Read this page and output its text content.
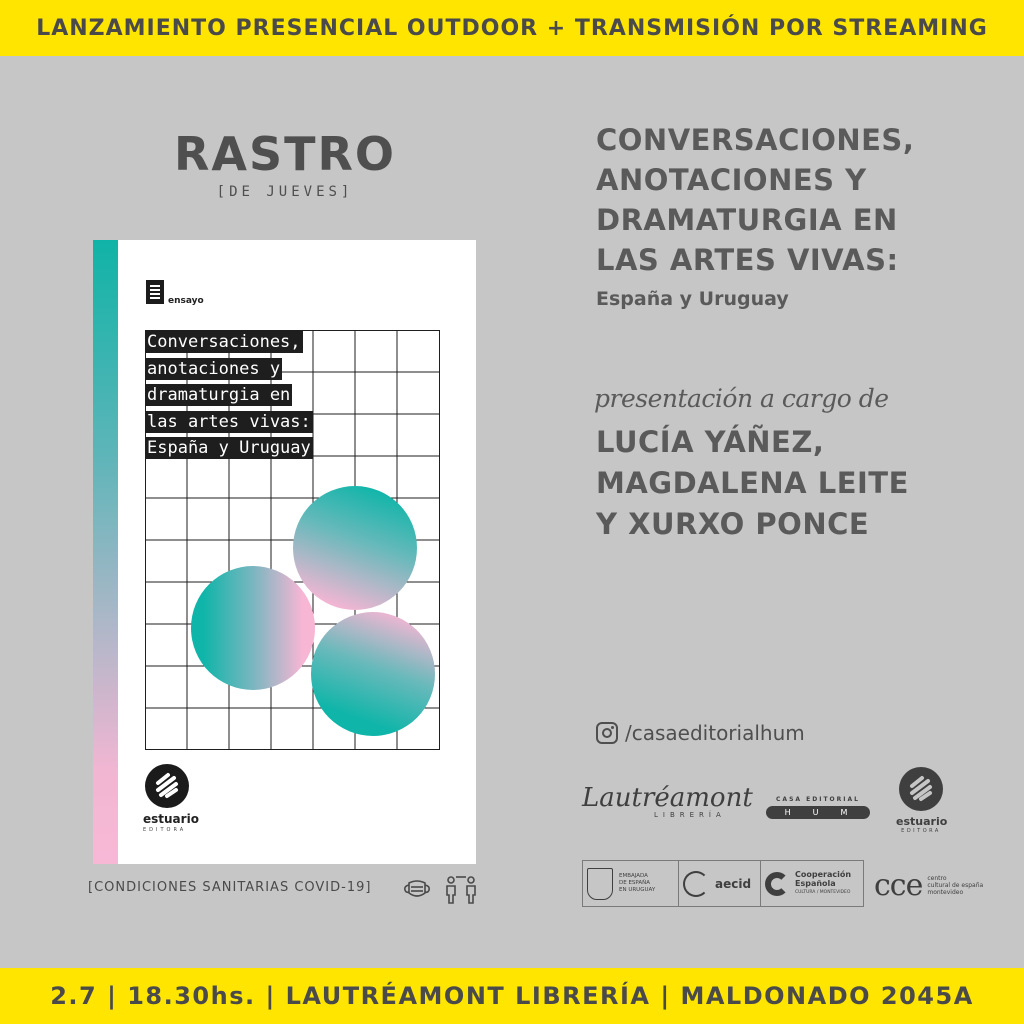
LANZAMIENTO PRESENCIAL OUTDOOR + TRANSMISIÓN POR STREAMING
RASTRO
[DE JUEVES]
ensayo
Conversaciones,
anotaciones y
dramaturgia en
las artes vivas:
España y Uruguay
estuario
EDITORA
[CONDICIONES SANITARIAS COVID-19]
CONVERSACIONES,
ANOTACIONES Y
DRAMATURGIA EN
LAS ARTES VIVAS:
España y Uruguay
presentación a cargo de
LUCÍA YÁÑEZ,
MAGDALENA LEITE
Y XURXO PONCE
/casaeditorialhum
Lautréamont
LIBRERÍA
CASA EDITORIAL
HUM
estuario
EDITORA
EMBAJADA
DE ESPAÑA
EN URUGUAY	aecid
Cooperación
Española
CULTURA / MONTEVIDEO cce centro
cultural de españa
montevideo
2.7 | 18.30hs. | LAUTRÉAMONT LIBRERÍA | MALDONADO 2045A
